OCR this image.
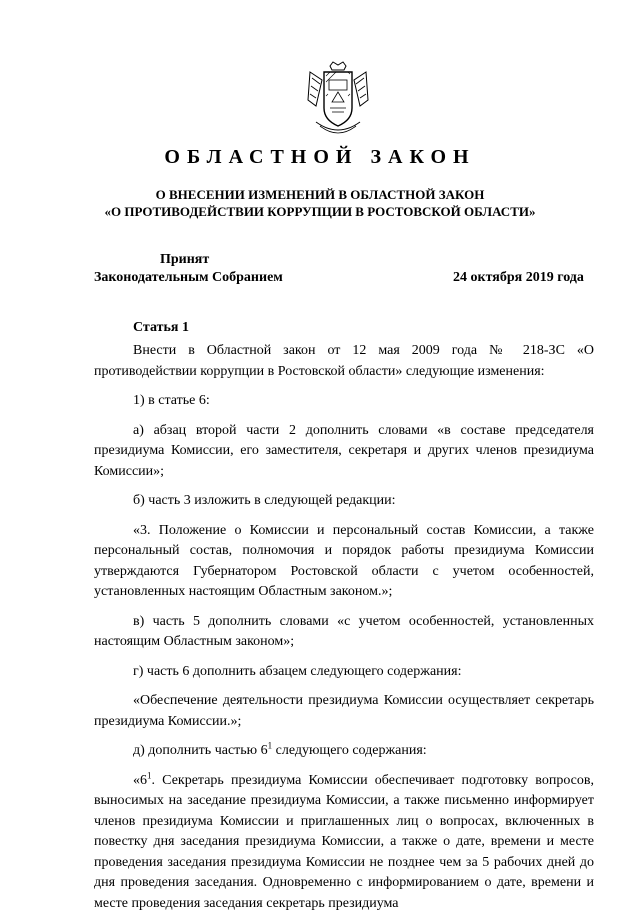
ОБЛАСТНОЙ ЗАКОН
О ВНЕСЕНИИ ИЗМЕНЕНИЙ В ОБЛАСТНОЙ ЗАКОН
«О ПРОТИВОДЕЙСТВИИ КОРРУПЦИИ В РОСТОВСКОЙ ОБЛАСТИ»
Принят
Законодательным Собранием	24 октября 2019 года
Статья 1

Внести в Областной закон от 12 мая 2009 года № 218-ЗС «О противодействии коррупции в Ростовской области» следующие изменения:

1) в статье 6:

а) абзац второй части 2 дополнить словами «в составе председателя президиума Комиссии, его заместителя, секретаря и других членов президиума Комиссии»;

б) часть 3 изложить в следующей редакции:

«3. Положение о Комиссии и персональный состав Комиссии, а также персональный состав, полномочия и порядок работы президиума Комиссии утверждаются Губернатором Ростовской области с учетом особенностей, установленных настоящим Областным законом.»;

в) часть 5 дополнить словами «с учетом особенностей, установленных настоящим Областным законом»;

г) часть 6 дополнить абзацем следующего содержания:

«Обеспечение деятельности президиума Комиссии осуществляет секретарь президиума Комиссии.»;

д) дополнить частью $6^1$ следующего содержания:

«$6^1$. Секретарь президиума Комиссии обеспечивает подготовку вопросов, выносимых на заседание президиума Комиссии, а также письменно информирует членов президиума Комиссии и приглашенных лиц о вопросах, включенных в повестку дня заседания президиума Комиссии, а также о дате, времени и месте проведения заседания президиума Комиссии не позднее чем за 5 рабочих дней до дня проведения заседания. Одновременно с информированием о дате, времени и месте проведения заседания секретарь президиума
